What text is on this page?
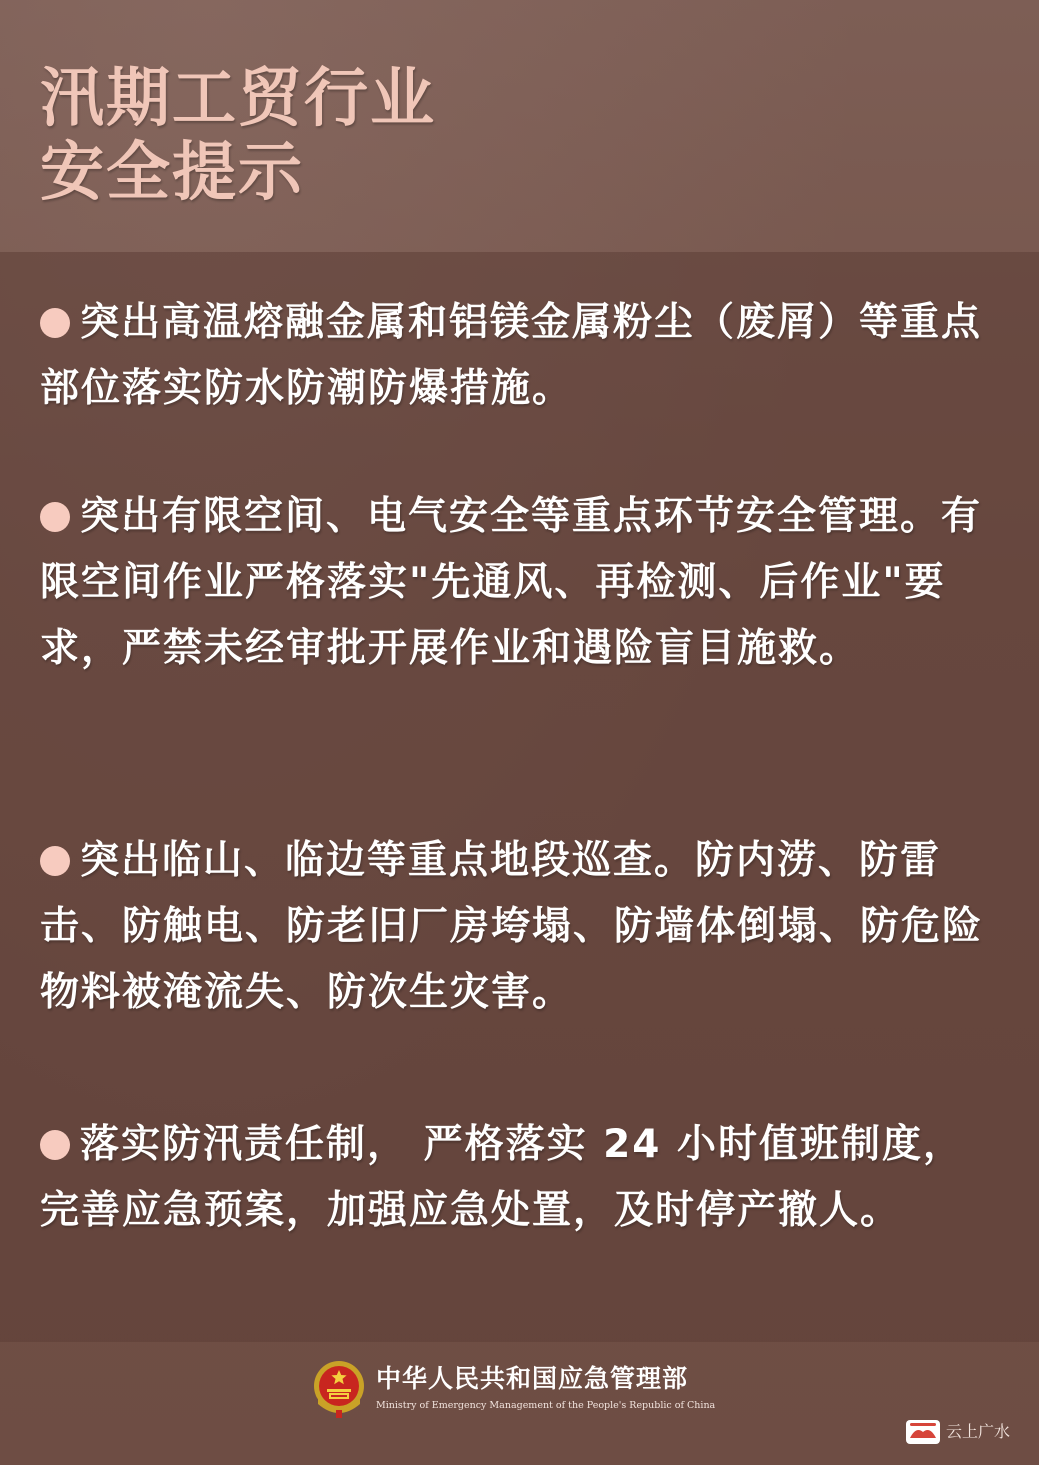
汛期工贸行业
安全提示

突出高温熔融金属和铝镁金属粉尘（废屑）等重点部位落实防水防潮防爆措施。

突出有限空间、电气安全等重点环节安全管理。有限空间作业严格落实"先通风、再检测、后作业"要求，严禁未经审批开展作业和遇险盲目施救。

突出临山、临边等重点地段巡查。防内涝、防雷击、防触电、防老旧厂房垮塌、防墙体倒塌、防危险物料被淹流失、防次生灾害。

落实防汛责任制， 严格落实 24 小时值班制度，完善应急预案，加强应急处置，及时停产撤人。

中华人民共和国应急管理部
Ministry of Emergency Management of the People's Republic of China
云上广水
